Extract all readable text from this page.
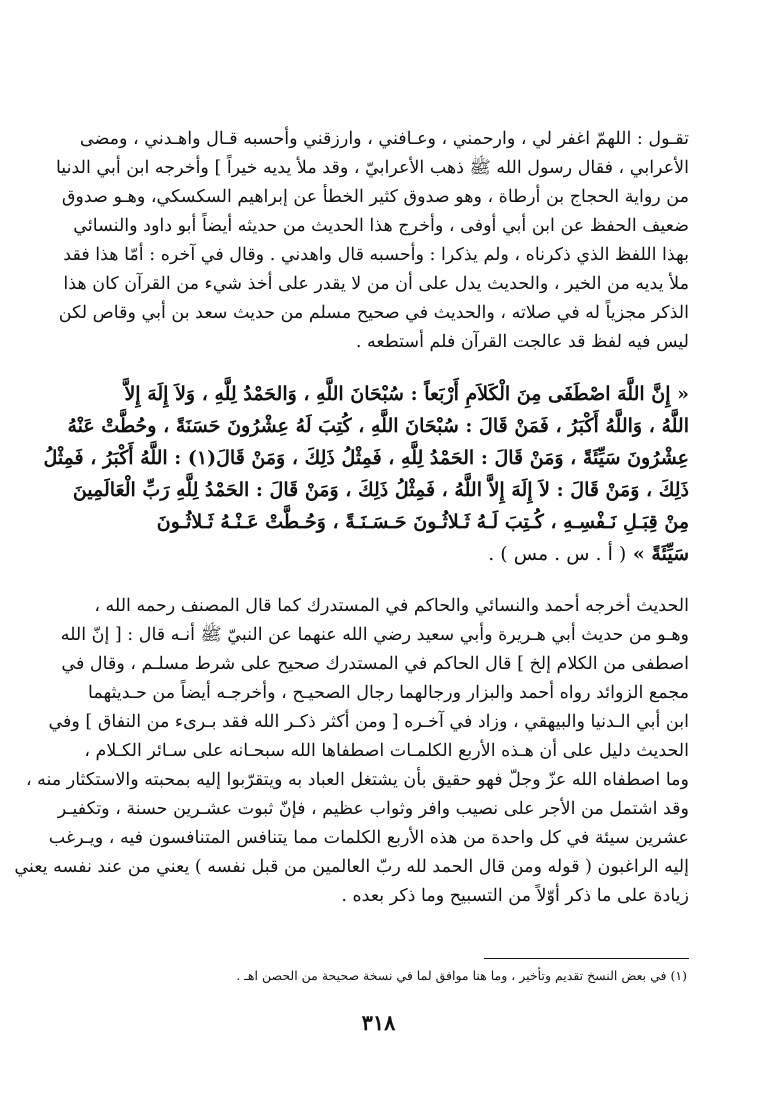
تقـول : اللهمّ اغفر لي ، وارحمني ، وعـافني ، وارزقني وأحسبه قـال واهـدني ، ومضى
الأعرابي ، فقال رسول الله ﷺ ذهب الأعرابيّ ، وقد ملأ يديه خيراً ] وأخرجه ابن أبي الدنيا
من رواية الحجاج بن أرطاة ، وهو صدوق كثير الخطأ عن إبراهيم السكسكي، وهـو صدوق
ضعيف الحفظ عن ابن أبي أوفى ، وأخرج هذا الحديث من حديثه أيضاً أبو داود والنسائي
بهذا اللفظ الذي ذكرناه ، ولم يذكرا : وأحسبه قال واهدني . وقال في آخره : أمّا هذا فقد
ملأ يديه من الخير ، والحديث يدل على أن من لا يقدر على أخذ شيء من القرآن كان هذا
الذكر مجزياً له في صلاته ، والحديث في صحيح مسلم من حديث سعد بن أبي وقاص لكن
ليس فيه لفظ قد عالجت القرآن فلم أستطعه .
« إِنَّ اللَّهَ اصْطَفَى مِنَ الْكَلاَمِ أَرْبَعاً : سُبْحَانَ اللَّهِ ، وَالحَمْدُ لِلَّهِ ، وَلاَ إِلَهَ إِلاَّ
اللَّهُ ، وَاللَّهُ أَكْبَرُ ، فَمَنْ قَالَ : سُبْحَانَ اللَّهِ ، كُتِبَ لَهُ عِشْرُونَ حَسَنَةً ، وحُطَّتْ عَنْهُ
عِشْرُونَ سَيِّئَةً ، وَمَنْ قَالَ : الحَمْدُ لِلَّهِ ، فَمِثْلُ ذَلِكَ ، وَمَنْ قَالَ(١) : اللَّهُ أَكْبَرُ ، فَمِثْلُ
ذَلِكَ ، وَمَنْ قَالَ : لاَ إِلَهَ إِلاَّ اللَّهُ ، فَمِثْلُ ذَلِكَ ، وَمَنْ قَالَ : الحَمْدُ لِلَّهِ رَبِّ الْعَالَمِينَ
مِنْ قِبَـلِ نَـفْسِـهِ ، كُـتِبَ لَـهُ ثَـلاثُـونَ حَـسَـنَـةً ، وَحُـطَّتْ عَـنْـهُ ثَـلاثُـونَ
سَيِّئَةً » ( أ . س . مس ) .
الحديث أخرجه أحمد والنسائي والحاكم في المستدرك كما قال المصنف رحمه الله ،
وهـو من حديث أبي هـريرة وأبي سعيد رضي الله عنهما عن النبيّ ﷺ أنـه قال : [ إنّ الله
اصطفى من الكلام إلخ ] قال الحاكم في المستدرك صحيح على شرط مسلـم ، وقال في
مجمع الزوائد رواه أحمد والبزار ورجالهما رجال الصحيـح ، وأخرجـه أيضاً من حـديثهما
ابن أبي الـدنيا والبيهقي ، وزاد في آخـره [ ومن أكثر ذكـر الله فقد بـرىء من النفاق ] وفي
الحديث دليل على أن هـذه الأربع الكلمـات اصطفاها الله سبحـانه على سـائر الكـلام ،
وما اصطفاه الله عزّ وجلّ فهو حقيق بأن يشتغل العباد به ويتقرّبوا إليه بمحبته والاستكثار منه ،
وقد اشتمل من الأجر على نصيب وافر وثواب عظيم ، فإنّ ثبوت عشـرين حسنة ، وتكفيـر
عشرين سيئة في كل واحدة من هذه الأربع الكلمات مما يتنافس المتنافسون فيه ، ويـرغب
إليه الراغبون ( قوله ومن قال الحمد لله ربّ العالمين من قبل نفسه ) يعني من عند نفسه يعني
زيادة على ما ذكر أوّلاً من التسبيح وما ذكر بعده .
(١) في بعض النسخ تقديم وتأخير ، وما هنا موافق لما في نسخة صحيحة من الحصن اهـ .
٣١٨
